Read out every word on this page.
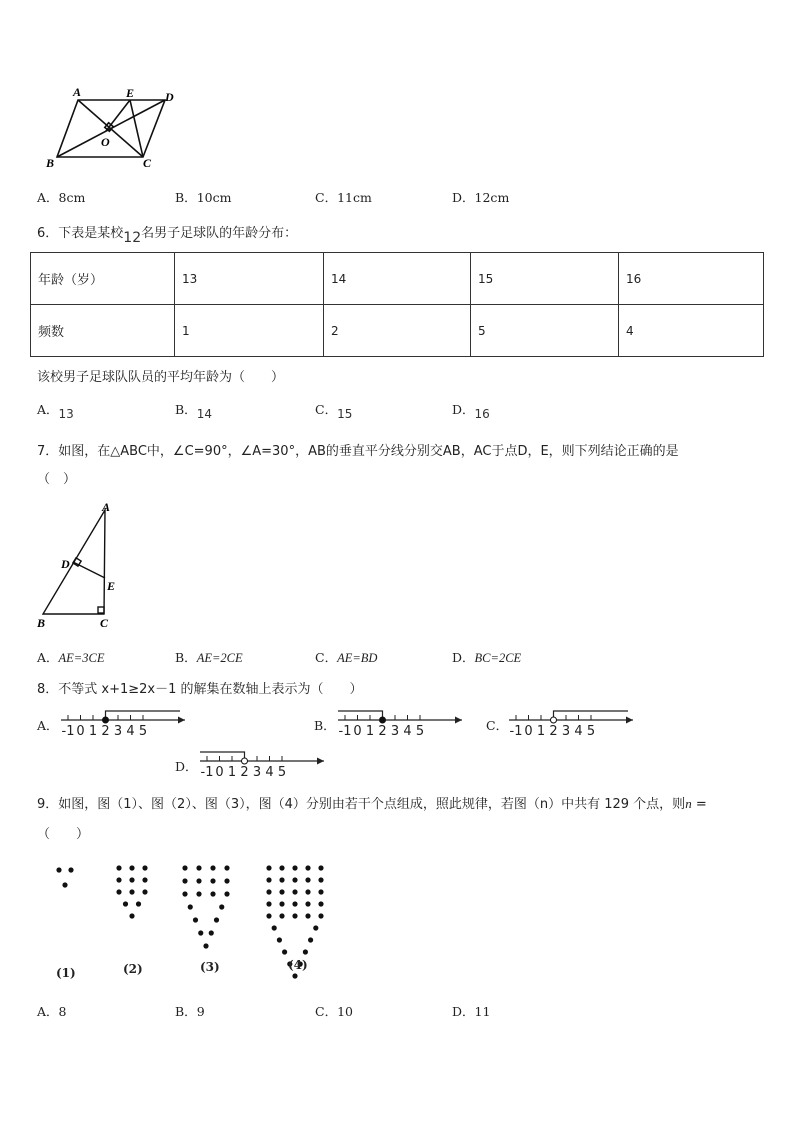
A	E	D
O
B	C
A．8cm	B．10cm	C．11cm	D．12cm
6．下表是某校12名男子足球队的年龄分布：
年龄（岁）	13	14	15	16
频数	1	2	5	4
该校男子足球队队员的平均年龄为（　　）
A．13	B．14	C．15	D．16
7．如图，在△ABC中，∠C=90°，∠A=30°，AB的垂直平分线分别交AB，AC于点D，E，则下列结论正确的是
（　）
A
D
E
B	C
A．AE=3CE	B．AE=2CE	C．AE=BD	D．BC=2CE
8．不等式 x+1≥2x－1 的解集在数轴上表示为（　　）
A．	B．	C．
D．
-1 0 1 2 3 4 5	-1 0 1 2 3 4 5	-1 0 1 2 3 4 5
-1 0 1 2 3 4 5
9．如图，图（1）、图（2）、图（3），图（4）分别由若干个点组成，照此规律，若图（n）中共有 129 个点，则n =
（　　）
(1)	(2)	(3)	(4)
A．8	B．9	C．10	D．11
